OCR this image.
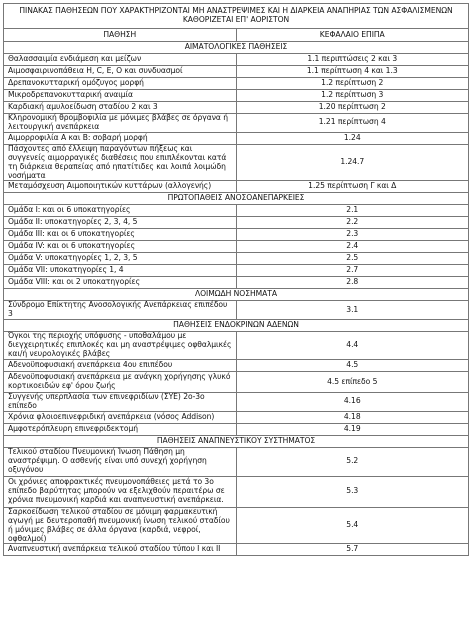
ΠΙΝΑΚΑΣ ΠΑΘΗΣΕΩΝ ΠΟΥ ΧΑΡΑΚΤΗΡΙΖΟΝΤΑΙ ΜΗ ΑΝΑΣΤΡΕΨΙΜΕΣ ΚΑΙ Η ΔΙΑΡΚΕΙΑ ΑΝΑΠΗΡΙΑΣ ΤΩΝ ΑΣΦΑΛΙΣΜΕΝΩΝ ΚΑΘΟΡΙΖΕΤΑΙ ΕΠ' ΑΟΡΙΣΤΟΝ	
ΠΑΘΗΣΗ	ΚΕΦΑΛΑΙΟ ΕΠΙΠΑ
ΑΙΜΑΤΟΛΟΓΙΚΕΣ ΠΑΘΗΣΕΙΣ	
Θαλασσαιμία ενδιάμεση και μείζων	1.1 περιπτώσεις 2 και 3
Αιμοσφαιρινοπάθεια Η, C, E, O και συνδυασμοί	1.1 περίπτωση 4 και 1.3
Δρεπανοκυτταρική ομόζυγος μορφή	1.2 περίπτωση 2
Μικροδρεπανοκυτταρική αναιμία	1.2 περίπτωση 3
Καρδιακή αμυλοείδωση σταδίου 2 και 3	1.20 περίπτωση 2
Κληρονομική θρομβοφιλία με μόνιμες βλάβες σε όργανα ή λειτουργική ανεπάρκεια	1.21 περίπτωση 4
Αιμορροφιλία Α και Β: σοβαρή μορφή	1.24
Πάσχοντες από έλλειψη παραγόντων πήξεως και συγγενείς αιμορραγικές διαθέσεις που επιπλέκονται κατά τη διάρκεια θεραπείας από ηπατίτιδες και λοιπά λοιμώδη νοσήματα	1.24.7
Μεταμόσχευση Αιμοποιητικών κυττάρων (αλλογενής)	1.25 περίπτωση Γ και Δ
ΠΡΩΤΟΠΑΘΕΙΣ ΑΝΟΣΟΑΝΕΠΑΡΚΕΙΕΣ	
Ομάδα Ι: και οι 6 υποκατηγορίες	2.1
Ομάδα ΙΙ: υποκατηγορίες 2, 3, 4, 5	2.2
Ομάδα ΙΙΙ: και οι 6 υποκατηγορίες	2.3
Ομάδα ΙV: και οι 6 υποκατηγορίες	2.4
Ομάδα V: υποκατηγορίες 1, 2, 3, 5	2.5
Ομάδα VII: υποκατηγορίες 1, 4	2.7
Ομάδα VIII: και οι 2 υποκατηγορίες	2.8
ΛΟΙΜΩΔΗ ΝΟΣΗΜΑΤΑ	
Σύνδρομο Επίκτητης Ανοσολογικής Ανεπάρκειας επιπέδου 3	3.1
ΠΑΘΗΣΕΙΣ ΕΝΔΟΚΡΙΝΩΝ ΑΔΕΝΩΝ	
Όγκοι της περιοχής υπόφυσης - υποθαλάμου με διεγχειρητικές επιπλοκές και μη αναστρέψιμες οφθαλμικές και/ή νευρολογικές βλάβες	4.4
Αδενοϋποφυσιακή ανεπάρκεια 4ου επιπέδου	4.5
Αδενοϋποφυσιακή ανεπάρκεια με ανάγκη χορήγησης γλυκό κορτικοειδών εφ' όρου ζωής	4.5 επίπεδο 5
Συγγενής υπερπλασία των επινεφριδίων (ΣΥΕ) 2ο-3ο επίπεδο	4.16
Χρόνια φλοιοεπινεφριδική ανεπάρκεια (νόσος Addison)	4.18
Αμφοτερόπλευρη επινεφριδεκτομή	4.19
ΠΑΘΗΣΕΙΣ ΑΝΑΠΝΕΥΣΤΙΚΟΥ ΣΥΣΤΗΜΑΤΟΣ	
Τελικού σταδίου Πνευμονική Ίνωση Πάθηση μη αναστρέψιμη. Ο ασθενής είναι υπό συνεχή χορήγηση οξυγόνου	5.2
Οι χρόνιες αποφρακτικές πνευμονοπάθειες μετά το 3ο επίπεδο βαρύτητας μπορούν να εξελιχθούν περαιτέρω σε χρόνια πνευμονική καρδιά και αναπνευστική ανεπάρκεια.	5.3
Σαρκοείδωση τελικού σταδίου σε μόνιμη φαρμακευτική αγωγή με δευτεροπαθή πνευμονική ίνωση τελικού σταδίου ή μόνιμες βλάβες σε άλλα όργανα (καρδιά, νεφροί, οφθαλμοί)	5.4
Αναπνευστική ανεπάρκεια τελικού σταδίου τύπου Ι και ΙΙ	5.7
